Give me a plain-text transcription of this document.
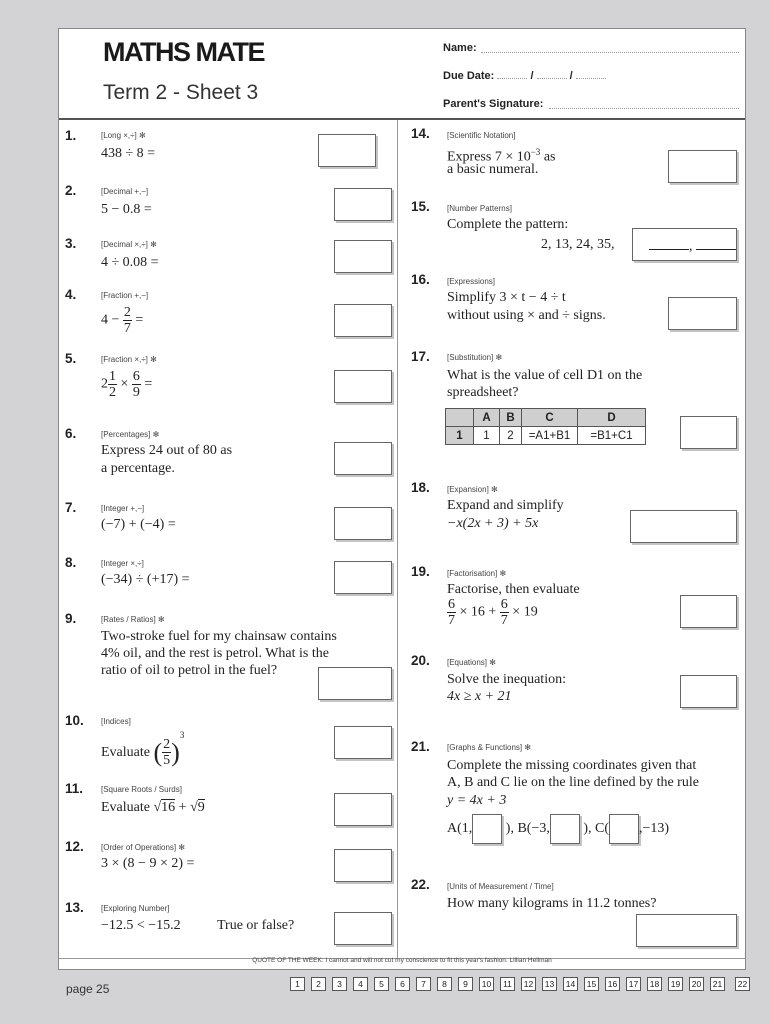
MATHS MATE
Term 2 - Sheet 3
Name:
Due Date:	/	/
Parent's Signature:
1.	[Long ×,÷] ✻
438 ÷ 8 =
2.	[Decimal +,−]
5 − 0.8 =
3.	[Decimal ×,÷] ✻
4 ÷ 0.08 =
4.	[Fraction +,−]
$4 - \frac{2}{7}$ =
5.	[Fraction ×,÷] ✻
$2 \frac{1}{2} \times \frac{6}{9}$ =
6.	[Percentages] ✻
Express 24 out of 80 as
a percentage.
7.	[Integer +,−]
(−7) + (−4) =
8.	[Integer ×,÷]
(−34) ÷ (+17) =
9.	[Rates / Ratios] ✻
Two-stroke fuel for my chainsaw contains
4% oil, and the rest is petrol. What is the
ratio of oil to petrol in the fuel?
10. [Indices]
Evaluate ( $\frac{2}{5} )^3$
11. [Square Roots / Surds]
Evaluate √16 + √9
12. [Order of Operations] ✻
3 × (8 − 9 × 2) =
13. [Exploring Number]
−12.5 < −15.2	True or false?
14. [Scientific Notation]
Express $7 \times 10^{-3}$ as
a basic numeral.
15. [Number Patterns]
Complete the pattern:
2, 13, 24, 35,	,
16. [Expressions]
Simplify 3 × t − 4 ÷ t
without using × and ÷ signs.
17. [Substitution] ✻
What is the value of cell D1 on the
spreadsheet?
	A	B	C	D
1	1	2	=A1+B1	=B1+C1
18. [Expansion] ✻
Expand and simplify
−x(2x + 3) + 5x
19. [Factorisation] ✻
Factorise, then evaluate
$\frac{6}{7} \times 16 + \frac{6}{7} \times 19$
20. [Equations] ✻
Solve the inequation:
4x ≥ x + 21
21. [Graphs & Functions] ✻
Complete the missing coordinates given that
A, B and C lie on the line defined by the rule
y = 4x + 3
A(1, ), B(−3, ), C( ,−13)
22. [Units of Measurement / Time]
How many kilograms in 11.2 tonnes?
QUOTE OF THE WEEK: I cannot and will not cut my conscience to fit this year's fashion. Lillian Hellman
page 25	1	2	3	4	5	6	7	8	9	10	11	12	13	14	15	16	17	18	19	20	21	22
